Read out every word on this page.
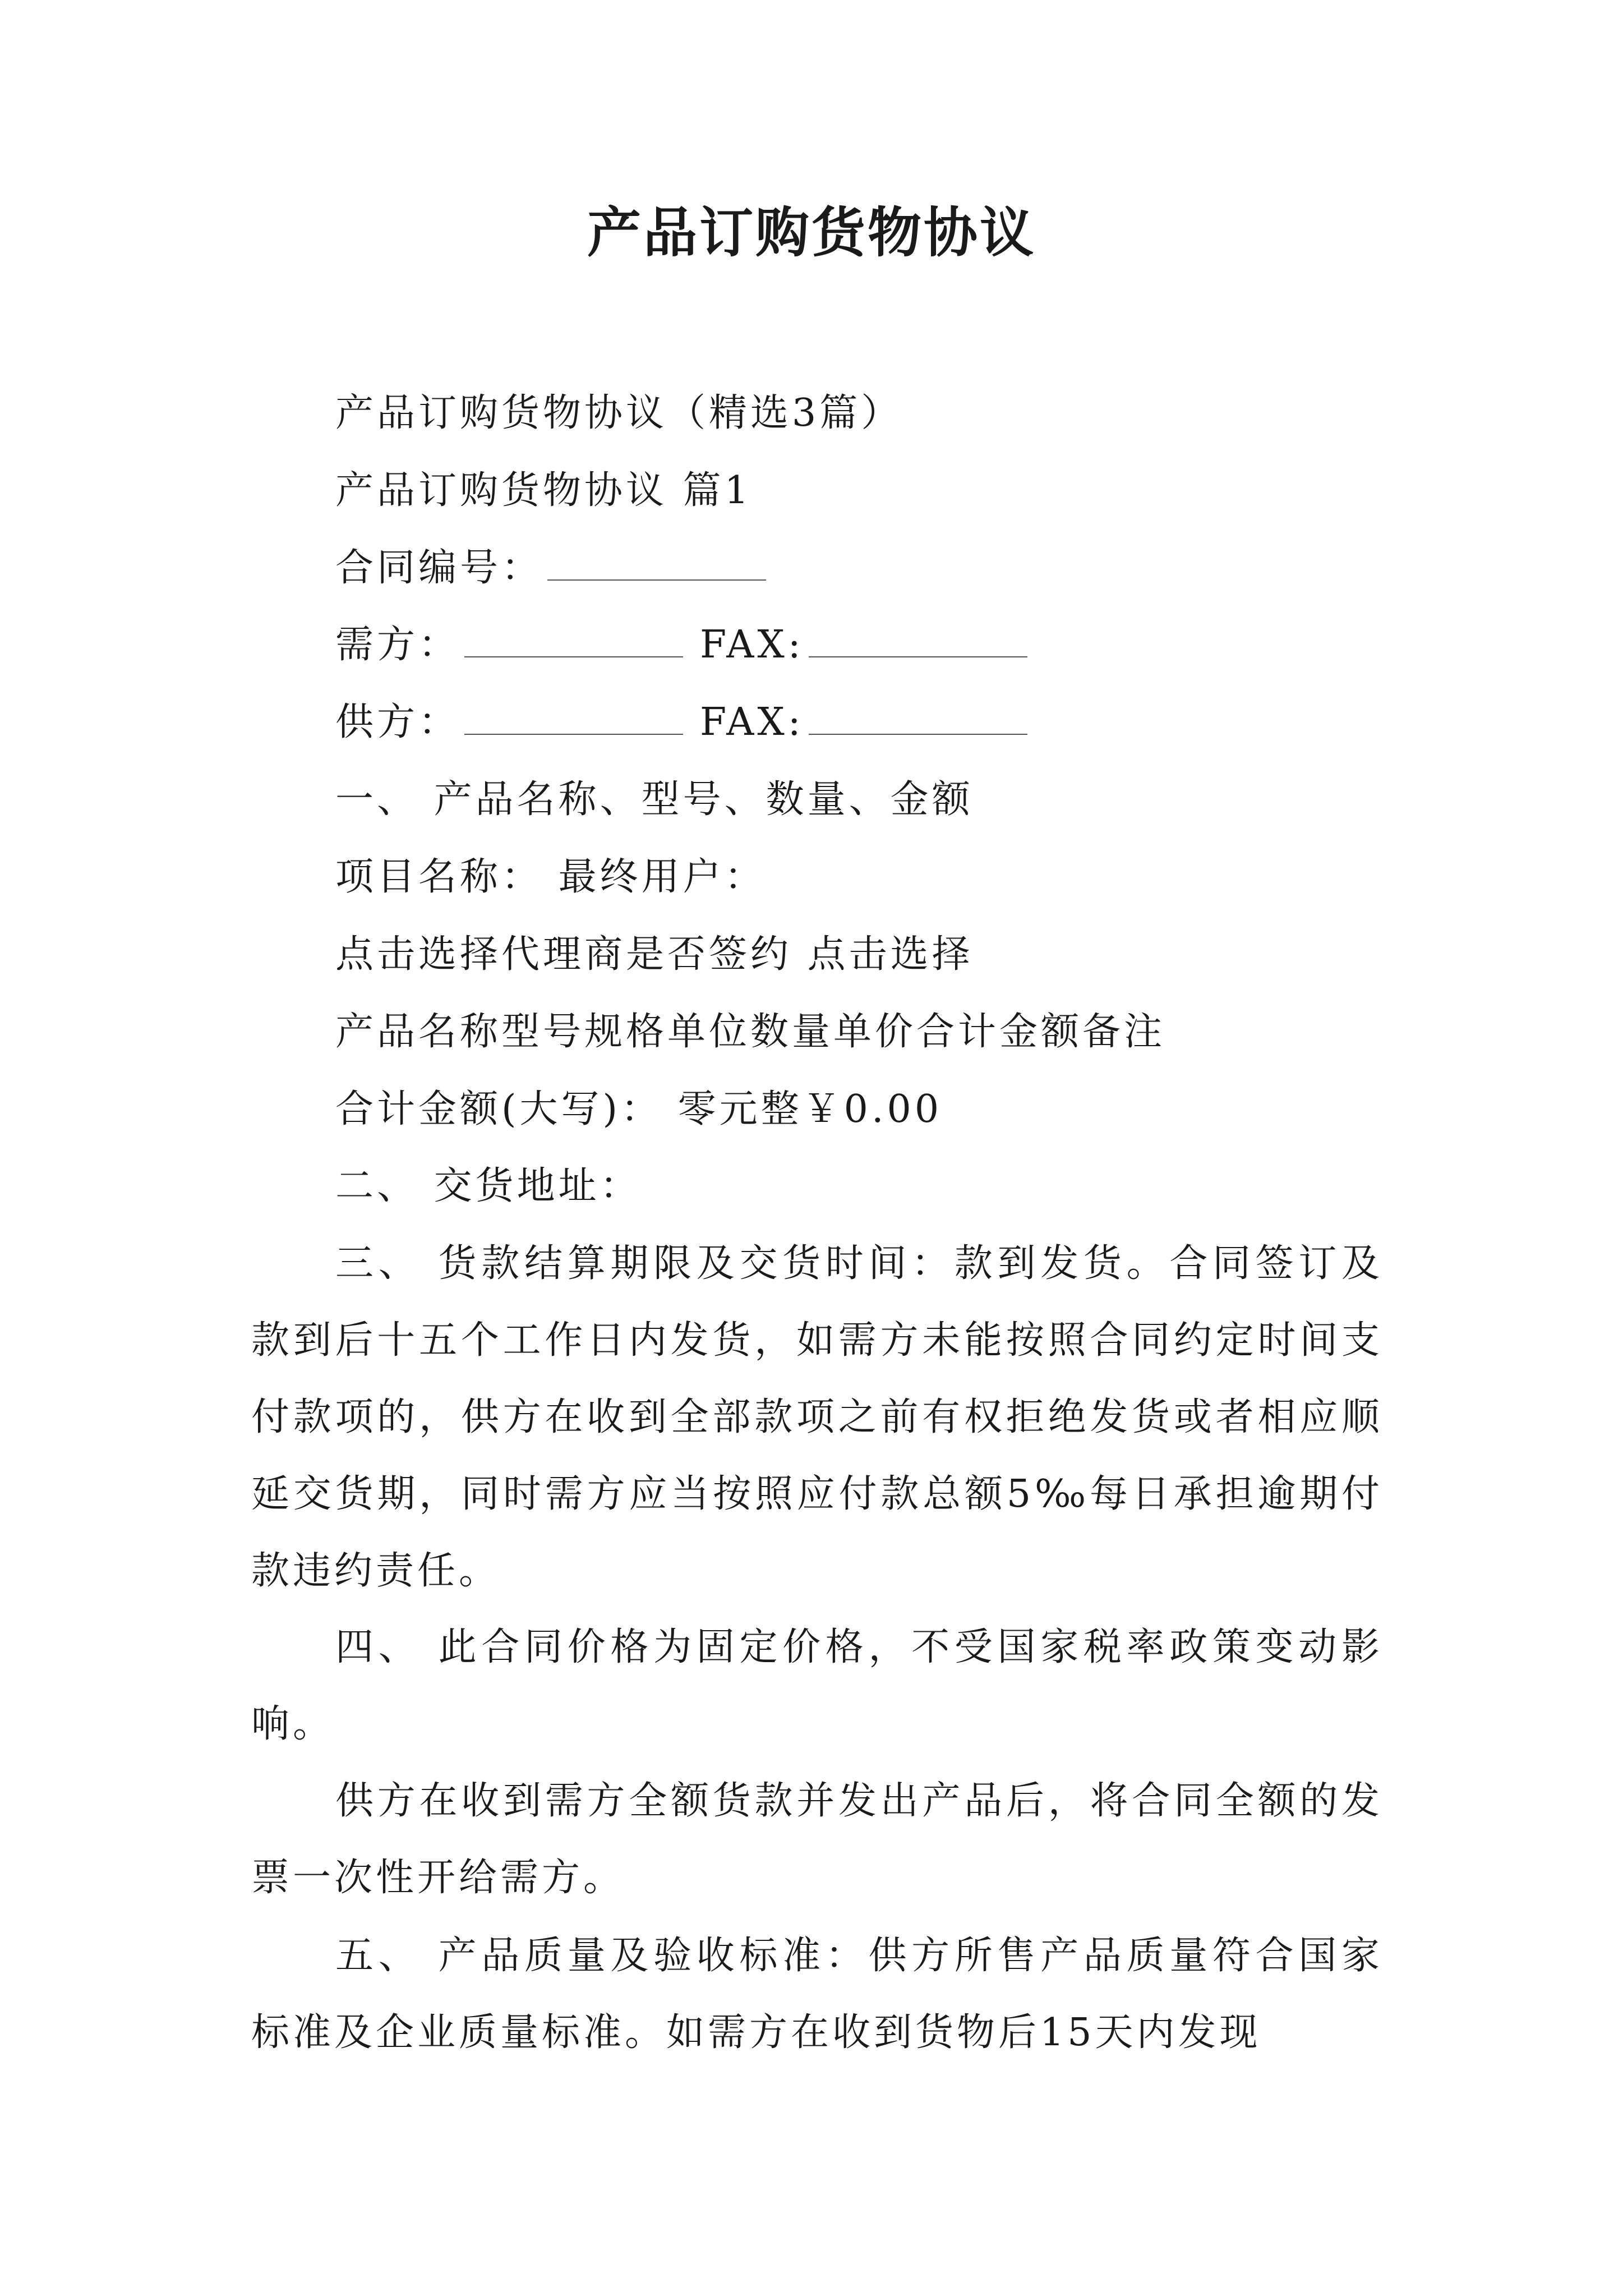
产品订购货物协议
产品订购货物协议（精选3篇）
产品订购货物协议 篇1
合同编号：
需方：	FAX:
供方：	FAX:
一、 产品名称、型号、数量、金额
项目名称： 最终用户：
点击选择代理商是否签约 点击选择
产品名称型号规格单位数量单价合计金额备注
合计金额(大写)： 零元整￥0.00
二、 交货地址：
三、 货款结算期限及交货时间：款到发货。合同签订及款到后十五个工作日内发货，如需方未能按照合同约定时间支付款项的，供方在收到全部款项之前有权拒绝发货或者相应顺延交货期，同时需方应当按照应付款总额5‰每日承担逾期付款违约责任。
四、 此合同价格为固定价格，不受国家税率政策变动影响。
供方在收到需方全额货款并发出产品后，将合同全额的发票一次性开给需方。
五、 产品质量及验收标准：供方所售产品质量符合国家标准及企业质量标准。如需方在收到货物后15天内发现
